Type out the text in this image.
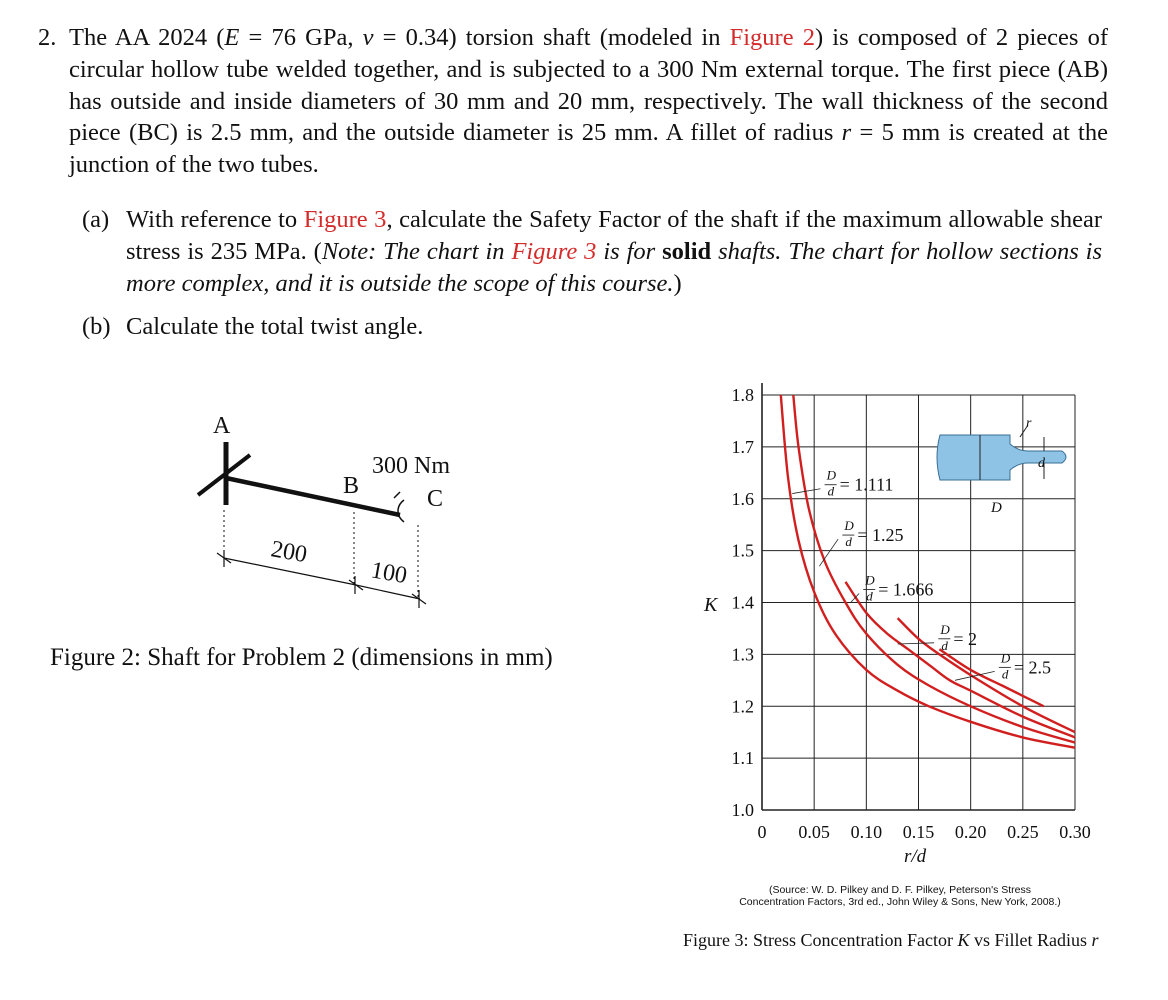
2. The AA 2024 (E = 76 GPa, ν = 0.34) torsion shaft (modeled in Figure 2) is composed of 2 pieces of circular hollow tube welded together, and is subjected to a 300 Nm external torque. The first piece (AB) has outside and inside diameters of 30 mm and 20 mm, respectively. The wall thickness of the second piece (BC) is 2.5 mm, and the outside diameter is 25 mm. A fillet of radius r = 5 mm is created at the junction of the two tubes.
(a) With reference to Figure 3, calculate the Safety Factor of the shaft if the maximum allowable shear stress is 235 MPa. (Note: The chart in Figure 3 is for solid shafts. The chart for hollow sections is more complex, and it is outside the scope of this course.)
(b) Calculate the total twist angle.
A
B	C
300 Nm
200
100
Figure 2: Shaft for Problem 2 (dimensions in mm)
0 0.05 0.10 0.15 0.20 0.25 0.30
1.0
1.1
1.2
1.3
1.4
1.5
1.6
1.7
1.8
D
d
r
D
d = 1.111
D
d = 1.25
D
d = 1.666
D
d = 2
D
d = 2.5
K
r/d
(Source: W. D. Pilkey and D. F. Pilkey, Peterson's Stress
Concentration Factors, 3rd ed., John Wiley & Sons, New York, 2008.)
Figure 3: Stress Concentration Factor K vs Fillet Radius r
